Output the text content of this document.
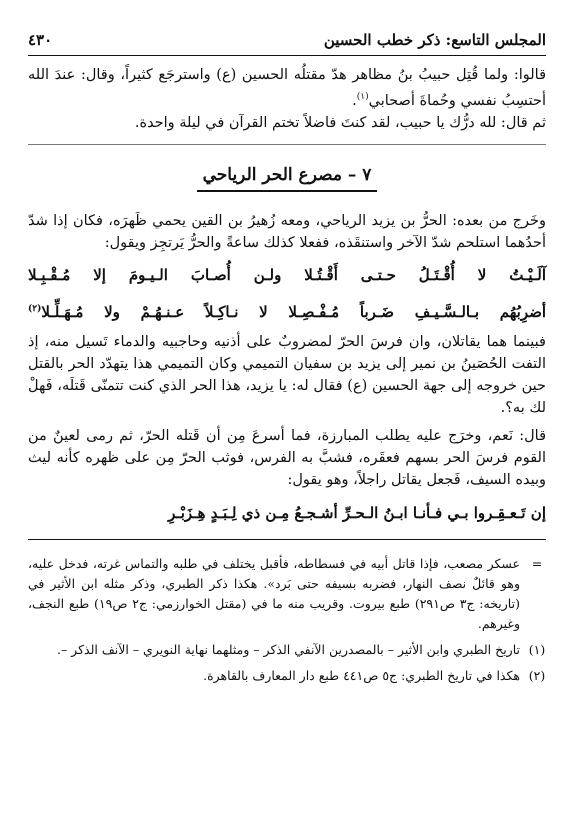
المجلس التاسع: ذكر خطب الحسين
٤٣٠

قالوا: ولما قُتِل حبيبُ بنُ مظاهر هدّ مقتلُه الحسين (ع) واسترجَع كثيراً، وقال: عندَ الله أحتسِبُ نفسي وحُماةَ أصحابي$^{(١)}$.

ثم قال: لله درُّك يا حبيب، لقد كنتَ فاضلاً تختم القرآن في ليلة واحدة.

٧ – مصرع الحر الرياحي

وخَرج من بعده: الحرُّ بن يزيد الرياحي، ومعه زُهيرُ بن القين يحمي ظَهرَه، فكان إذا شدّ أحدُهما استلحم شدّ الآخر واستنقَذه، ففعلا كذلك ساعةً والحرُّ يَرتجِز ويقول:

آلَـيْـتُ لا أُقْـتَـلُ حـتـى أَقْـتُـلا ولـن أُصـابَ الـيـومَ إلا مُـقْـبِـلا
أضرِبُهُم بـالـسَّـيـفِ ضَـرباً مُـفْـصِـلا لا نـاكِـلاً عـنـهُـمْ ولا مُـهَـلِّـلا$^{(٢)}$

فبينما هما يقاتلان، وان فرسَ الحرّ لمضروبٌ على أذنيه وحاجبيه والدماء تَسيل منه، إذ التفت الحُصَينُ بن نمير إلى يزيد بن سفيان التميمي وكان التميمي هذا يتهدّد الحر بالقتل حين خروجه إلى جهة الحسين (ع) فقال له: يا يزيد، هذا الحر الذي كنت تتمنّى قَتلَه، فَهلْ لك به؟.

قال: نَعم، وخرَج عليه يطلب المبارزة، فما أسرعَ مِن أن قَتله الحرّ، ثم رمى لعينٌ من القوم فرسَ الحر بسهم فعقَره، فشبَّ به الفرس، فوثب الحرّ مِن على ظهره كأنه ليث وبيده السيف، فَجعل يقاتل راجلاً، وهو يقول:

إن تَـعـقِـروا بـي فـأنـا ابـنُ الـحـرِّ أشـجـعُ مِـن ذي لِـبَـدٍ هِـزَبْـرِ
=
عسكر مصعب، فإذا قاتل أبيه في فسطاطه، فأقبل يختلف في طلبه والتماس غرته، فدخل عليه، وهو قائلٌ نصف النهار، فضربه بسيفه حتى بَرد». هكذا ذكر الطبري، وذكر مثله ابن الأثير في (تاريخه: ج٣ ص٢٩١) طبع بيروت. وقريب منه ما في (مقتل الخوارزمي: ج٢ ص١٩) طبع النجف، وغيرهم.
(١)
تاريخ الطبري وابن الأثير – بالمصدرين الآنفي الذكر – ومثلهما نهاية النويري – الآنف الذكر –.
(٢)
هكذا في تاريخ الطبري: ج٥ ص٤٤١ طبع دار المعارف بالقاهرة.
